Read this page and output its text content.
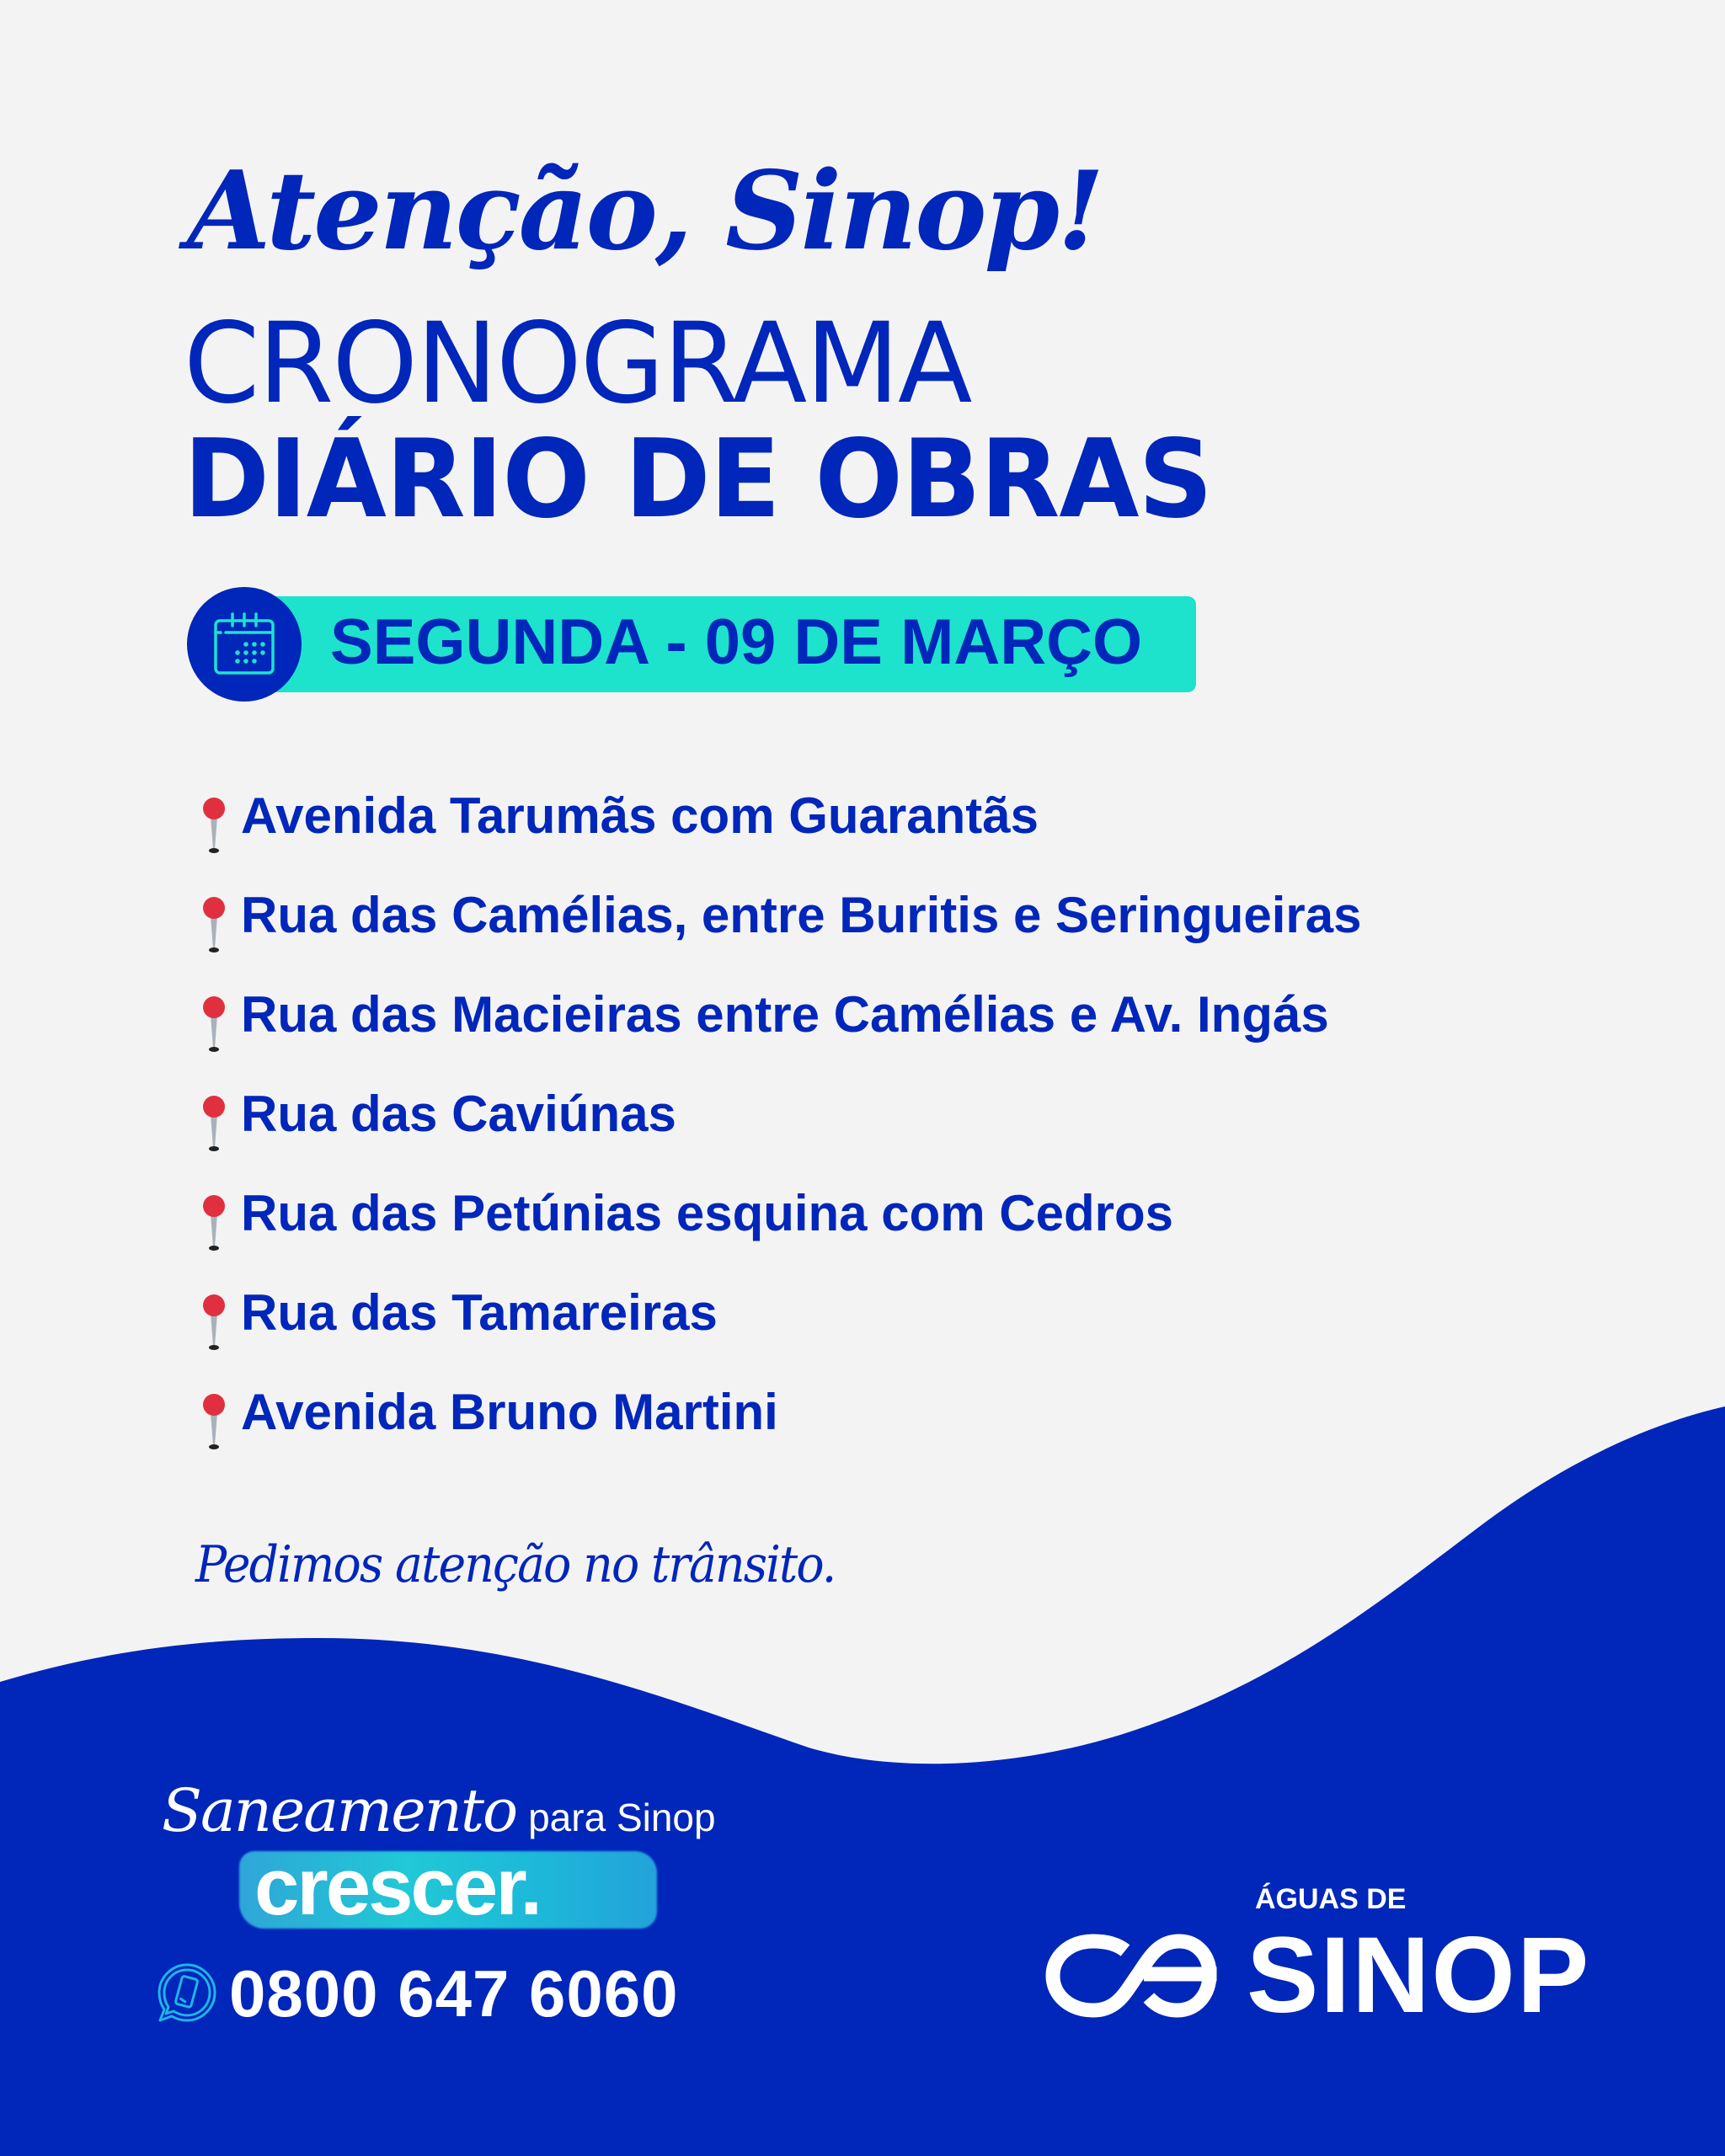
Atenção, Sinop!
CRONOGRAMA
DIÁRIO DE OBRAS
SEGUNDA - 09 DE MARÇO
Avenida Tarumãs com Guarantãs
Rua das Camélias, entre Buritis e Seringueiras
Rua das Macieiras entre Camélias e Av. Ingás
Rua das Caviúnas
Rua das Petúnias esquina com Cedros
Rua das Tamareiras
Avenida Bruno Martini
Pedimos atenção no trânsito.
Saneamento para Sinop
crescer.
0800 647 6060
ÁGUAS DE
SINOP
